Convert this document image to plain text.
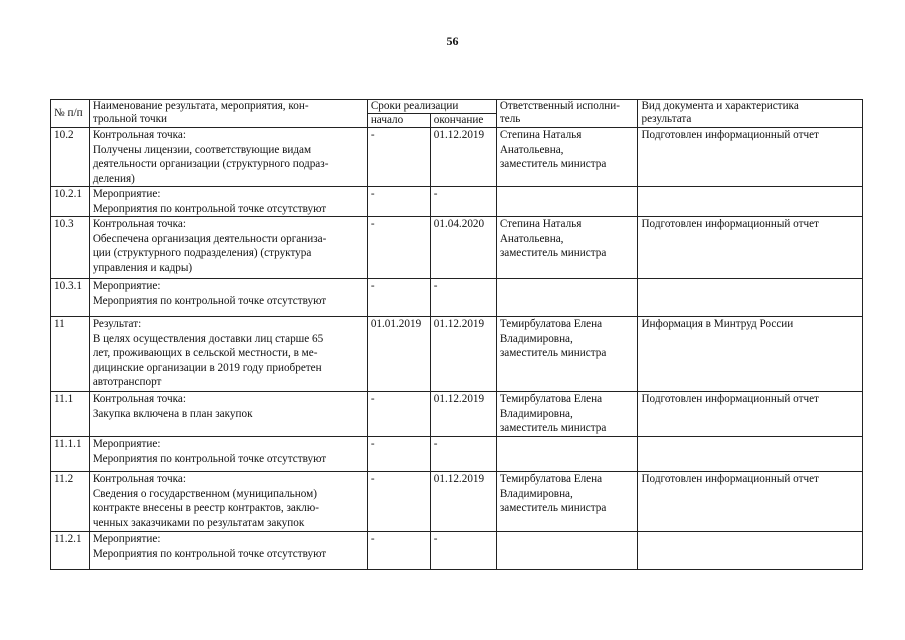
56
№ п/п	Наименование результата, мероприятия, кон-
трольной точки	Сроки реализации		Ответственный исполни-
тель	Вид документа и характеристика
результата

		начало	окончание		
10.2	Контрольная точка:
Получены лицензии, соответствующие видам
деятельности организации (структурного подраз-
деления)	-	01.12.2019	Степина Наталья
Анатольевна,
заместитель министра	Подготовлен информационный отчет
10.2.1	Мероприятие:
Мероприятия по контрольной точке отсутствуют	-	-		
10.3	Контрольная точка:
Обеспечена организация деятельности организа-
ции (структурного подразделения) (структура
управления и кадры)	-	01.04.2020	Степина Наталья
Анатольевна,
заместитель министра	Подготовлен информационный отчет
10.3.1	Мероприятие:
Мероприятия по контрольной точке отсутствуют	-	-		
11	Результат:
В целях осуществления доставки лиц старше 65
лет, проживающих в сельской местности, в ме-
дицинские организации в 2019 году приобретен
автотранспорт	01.01.2019	01.12.2019	Темирбулатова Елена
Владимировна,
заместитель министра	Информация в Минтруд России
11.1	Контрольная точка:
Закупка включена в план закупок	-	01.12.2019	Темирбулатова Елена
Владимировна,
заместитель министра	Подготовлен информационный отчет
11.1.1	Мероприятие:
Мероприятия по контрольной точке отсутствуют	-	-		
11.2	Контрольная точка:
Сведения о государственном (муниципальном)
контракте внесены в реестр контрактов, заклю-
ченных заказчиками по результатам закупок	-	01.12.2019	Темирбулатова Елена
Владимировна,
заместитель министра	Подготовлен информационный отчет
11.2.1	Мероприятие:
Мероприятия по контрольной точке отсутствуют	-	-		
